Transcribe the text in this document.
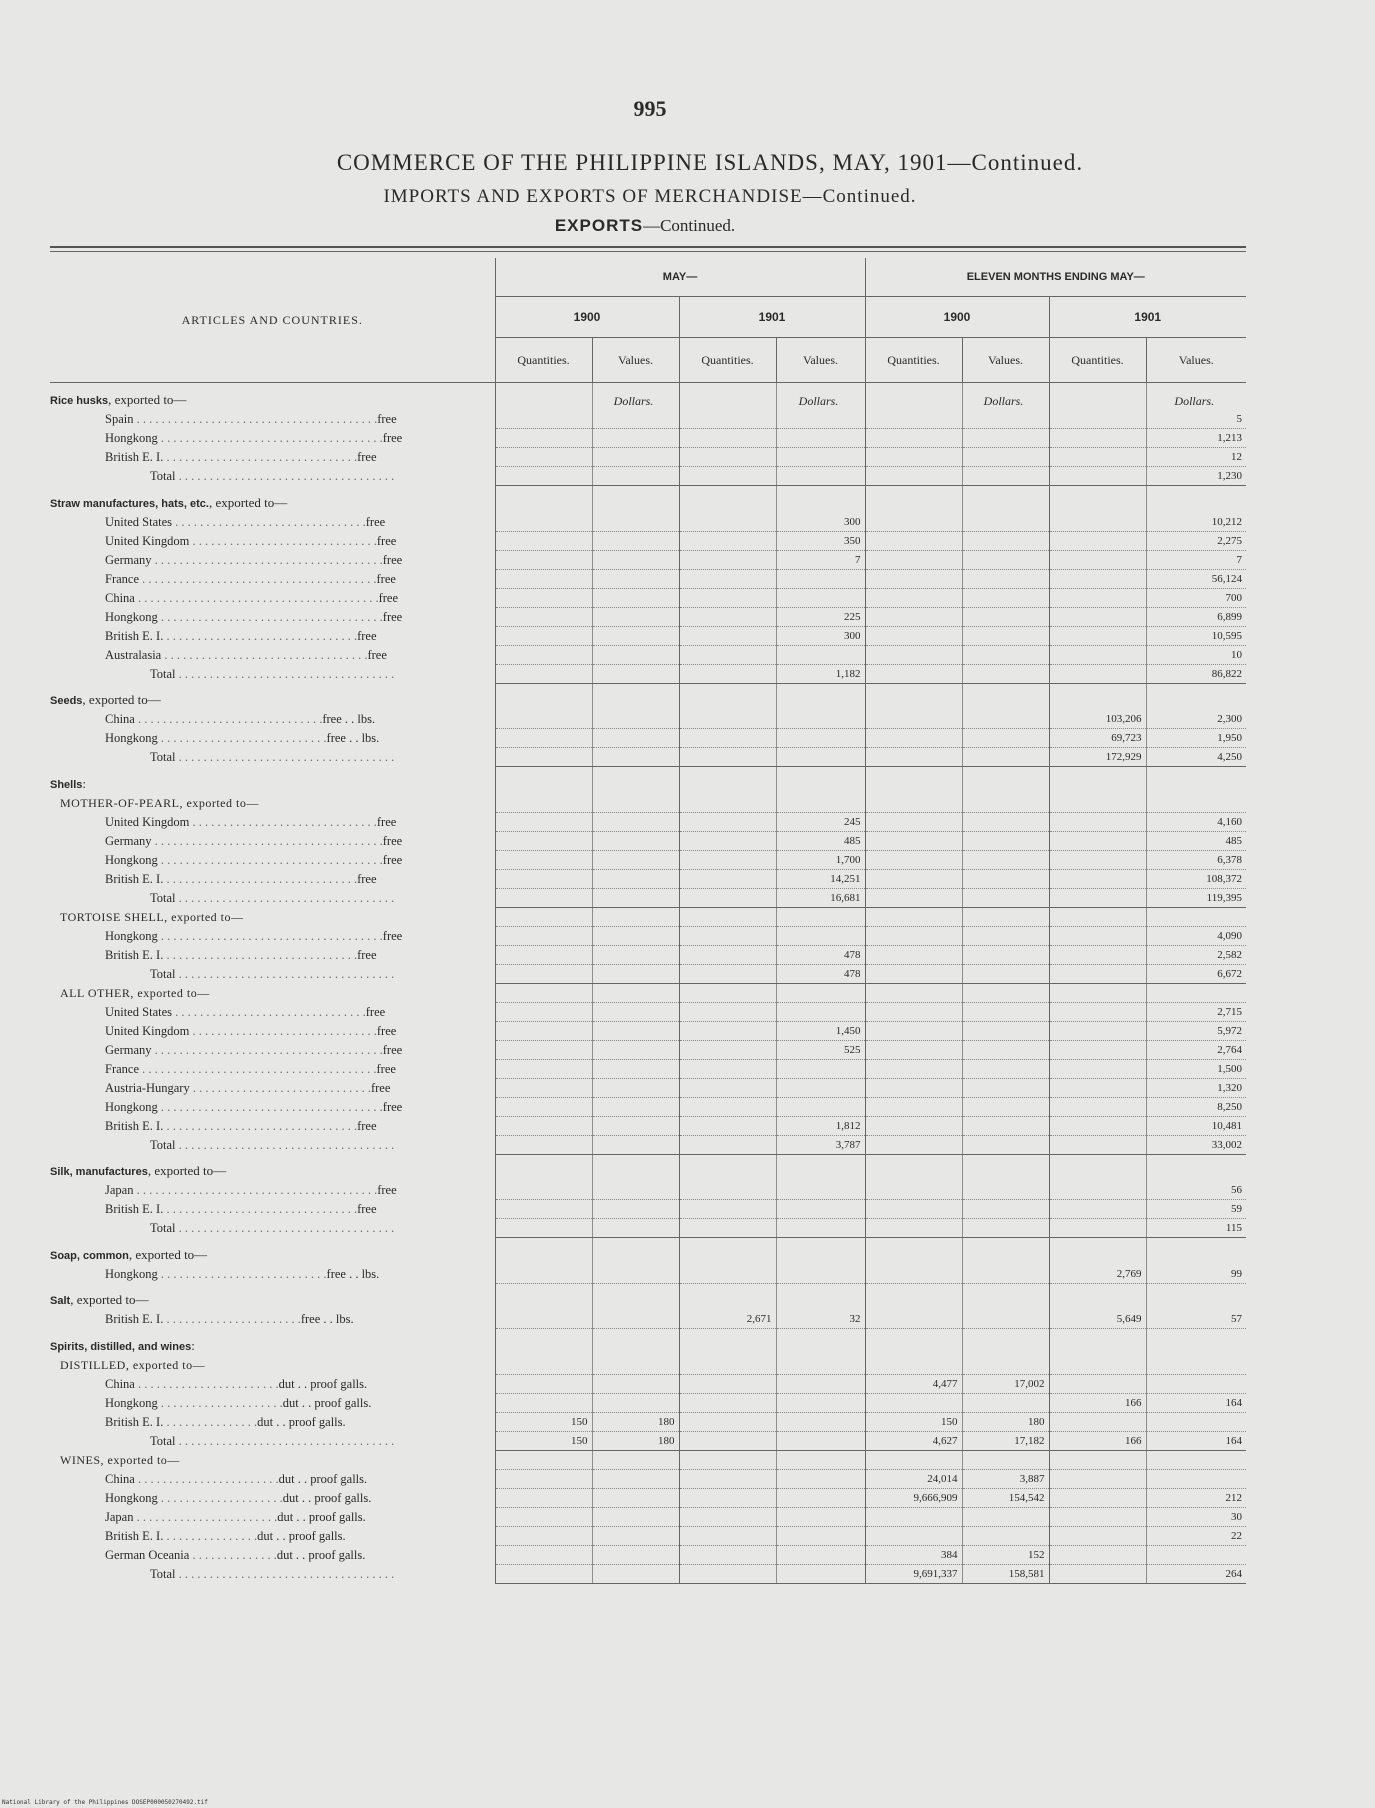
995
COMMERCE OF THE PHILIPPINE ISLANDS, MAY, 1901—Continued.
IMPORTS AND EXPORTS OF MERCHANDISE—Continued.
EXPORTS—Continued.
ARTICLES AND COUNTRIES.	MAY—				ELEVEN MONTHS ENDING MAY—			
	1900		1901		1900		1901	
	Quantities.	Values.	Quantities.	Values.	Quantities.	Values.	Quantities.	Values.
Rice husks, exported to—		Dollars.		Dollars.		Dollars.		Dollars.
Spain . . . . . . . . . . . . . . . . . . . . . . . . . . . . . . . . . . . . . . .free								5
Hongkong . . . . . . . . . . . . . . . . . . . . . . . . . . . . . . . . . . . .free								1,213
British E. I. . . . . . . . . . . . . . . . . . . . . . . . . . . . . . . .free								12
Total . . . . . . . . . . . . . . . . . . . . . . . . . . . . . . . . . . .								1,230
Straw manufactures, hats, etc., exported to—								
United States . . . . . . . . . . . . . . . . . . . . . . . . . . . . . . .free				300				10,212
United Kingdom . . . . . . . . . . . . . . . . . . . . . . . . . . . . . .free				350				2,275
Germany . . . . . . . . . . . . . . . . . . . . . . . . . . . . . . . . . . . . .free				7				7
France . . . . . . . . . . . . . . . . . . . . . . . . . . . . . . . . . . . . . .free								56,124
China . . . . . . . . . . . . . . . . . . . . . . . . . . . . . . . . . . . . . . .free								700
Hongkong . . . . . . . . . . . . . . . . . . . . . . . . . . . . . . . . . . . .free				225				6,899
British E. I. . . . . . . . . . . . . . . . . . . . . . . . . . . . . . . .free				300				10,595
Australasia . . . . . . . . . . . . . . . . . . . . . . . . . . . . . . . . .free								10
Total . . . . . . . . . . . . . . . . . . . . . . . . . . . . . . . . . . .				1,182				86,822
Seeds, exported to—								
China . . . . . . . . . . . . . . . . . . . . . . . . . . . . . .free . . lbs.							103,206	2,300
Hongkong . . . . . . . . . . . . . . . . . . . . . . . . . . .free . . lbs.							69,723	1,950
Total . . . . . . . . . . . . . . . . . . . . . . . . . . . . . . . . . . .							172,929	4,250
Shells:								
MOTHER-OF-PEARL, exported to—								
United Kingdom . . . . . . . . . . . . . . . . . . . . . . . . . . . . . .free				245				4,160
Germany . . . . . . . . . . . . . . . . . . . . . . . . . . . . . . . . . . . . .free				485				485
Hongkong . . . . . . . . . . . . . . . . . . . . . . . . . . . . . . . . . . . .free				1,700				6,378
British E. I. . . . . . . . . . . . . . . . . . . . . . . . . . . . . . . .free				14,251				108,372
Total . . . . . . . . . . . . . . . . . . . . . . . . . . . . . . . . . . .				16,681				119,395
TORTOISE SHELL, exported to—								
Hongkong . . . . . . . . . . . . . . . . . . . . . . . . . . . . . . . . . . . .free								4,090
British E. I. . . . . . . . . . . . . . . . . . . . . . . . . . . . . . . .free				478				2,582
Total . . . . . . . . . . . . . . . . . . . . . . . . . . . . . . . . . . .				478				6,672
ALL OTHER, exported to—								
United States . . . . . . . . . . . . . . . . . . . . . . . . . . . . . . .free								2,715
United Kingdom . . . . . . . . . . . . . . . . . . . . . . . . . . . . . .free				1,450				5,972
Germany . . . . . . . . . . . . . . . . . . . . . . . . . . . . . . . . . . . . .free				525				2,764
France . . . . . . . . . . . . . . . . . . . . . . . . . . . . . . . . . . . . . .free								1,500
Austria-Hungary . . . . . . . . . . . . . . . . . . . . . . . . . . . . .free								1,320
Hongkong . . . . . . . . . . . . . . . . . . . . . . . . . . . . . . . . . . . .free								8,250
British E. I. . . . . . . . . . . . . . . . . . . . . . . . . . . . . . . .free				1,812				10,481
Total . . . . . . . . . . . . . . . . . . . . . . . . . . . . . . . . . . .				3,787				33,002
Silk, manufactures, exported to—								
Japan . . . . . . . . . . . . . . . . . . . . . . . . . . . . . . . . . . . . . . .free								56
British E. I. . . . . . . . . . . . . . . . . . . . . . . . . . . . . . . .free								59
Total . . . . . . . . . . . . . . . . . . . . . . . . . . . . . . . . . . .								115
Soap, common, exported to—								
Hongkong . . . . . . . . . . . . . . . . . . . . . . . . . . .free . . lbs.							2,769	99
Salt, exported to—								
British E. I. . . . . . . . . . . . . . . . . . . . . . .free . . lbs.			2,671	32			5,649	57
Spirits, distilled, and wines:								
DISTILLED, exported to—								
China . . . . . . . . . . . . . . . . . . . . . . .dut . . proof galls.					4,477	17,002		
Hongkong . . . . . . . . . . . . . . . . . . . .dut . . proof galls.							166	164
British E. I. . . . . . . . . . . . . . . .dut . . proof galls.	150	180			150	180		
Total . . . . . . . . . . . . . . . . . . . . . . . . . . . . . . . . . . .	150	180			4,627	17,182	166	164
WINES, exported to—								
China . . . . . . . . . . . . . . . . . . . . . . .dut . . proof galls.					24,014	3,887		
Hongkong . . . . . . . . . . . . . . . . . . . .dut . . proof galls.					9,666,909	154,542		212
Japan . . . . . . . . . . . . . . . . . . . . . . .dut . . proof galls.								30
British E. I. . . . . . . . . . . . . . . .dut . . proof galls.								22
German Oceania . . . . . . . . . . . . . .dut . . proof galls.					384	152		
Total . . . . . . . . . . . . . . . . . . . . . . . . . . . . . . . . . . .					9,691,337	158,581		264
National Library of the Philippines DOSEP000050270492.tif
